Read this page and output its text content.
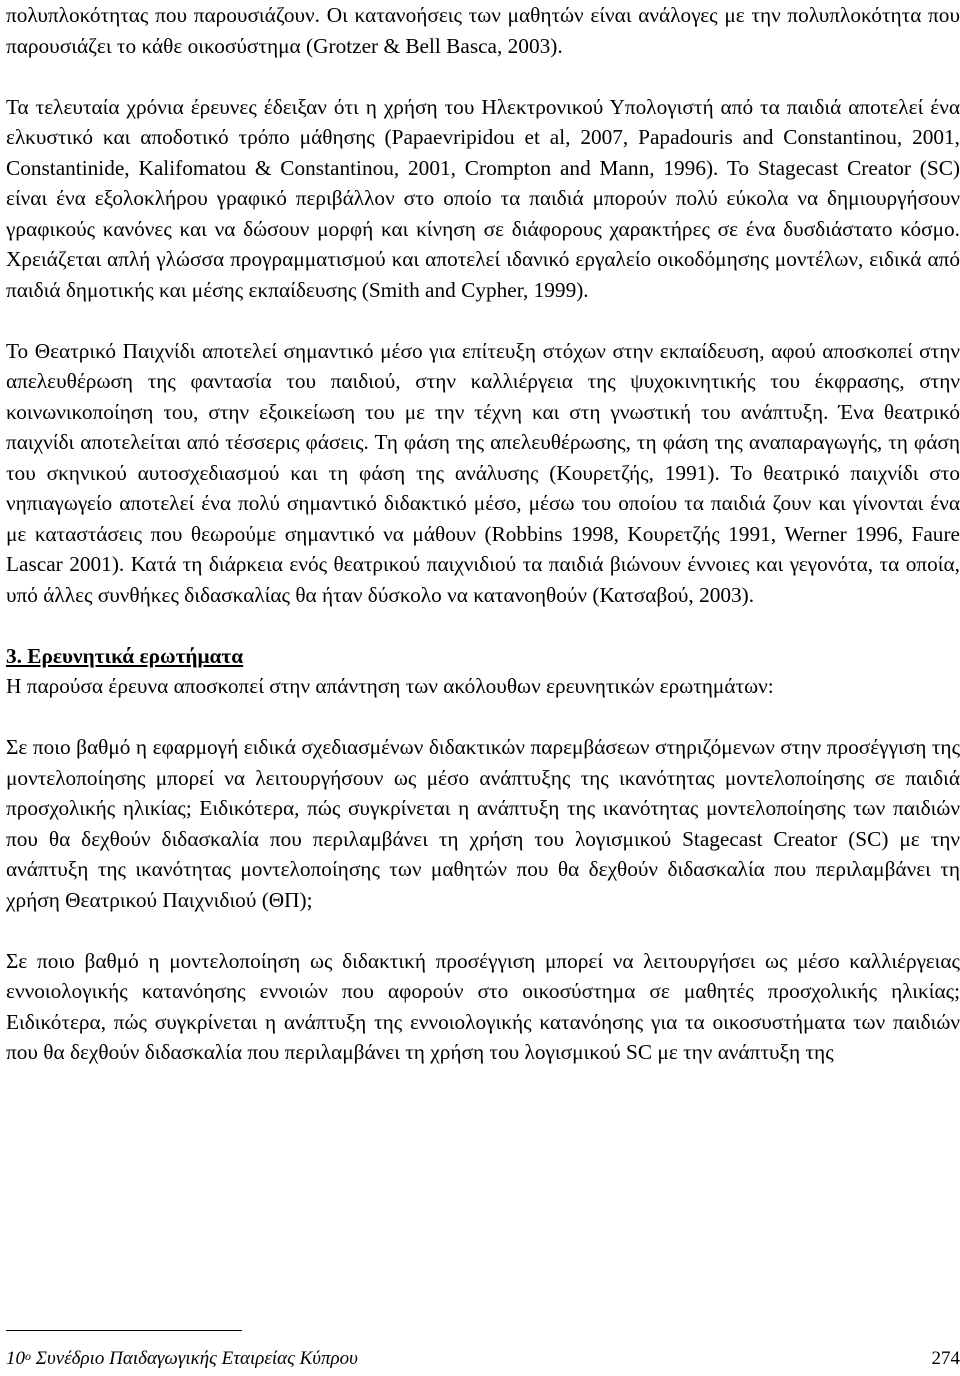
πολυπλοκότητας που παρουσιάζουν. Οι κατανοήσεις των μαθητών είναι ανάλογες με την πολυπλοκότητα που παρουσιάζει το κάθε οικοσύστημα (Grotzer & Bell Basca, 2003).

Τα τελευταία χρόνια έρευνες έδειξαν ότι η χρήση του Ηλεκτρονικού Υπολογιστή από τα παιδιά αποτελεί ένα ελκυστικό και αποδοτικό τρόπο μάθησης (Papaevripidou et al, 2007, Papadouris and Constantinou, 2001, Constantinide, Kalifomatou & Constantinou, 2001, Crompton and Mann, 1996). Το Stagecast Creator (SC) είναι ένα εξολοκλήρου γραφικό περιβάλλον στο οποίο τα παιδιά μπορούν πολύ εύκολα να δημιουργήσουν γραφικούς κανόνες και να δώσουν μορφή και κίνηση σε διάφορους χαρακτήρες σε ένα δυσδιάστατο κόσμο. Χρειάζεται απλή γλώσσα προγραμματισμού και αποτελεί ιδανικό εργαλείο οικοδόμησης μοντέλων, ειδικά από παιδιά δημοτικής και μέσης εκπαίδευσης (Smith and Cypher, 1999).

Το Θεατρικό Παιχνίδι αποτελεί σημαντικό μέσο για επίτευξη στόχων στην εκπαίδευση, αφού αποσκοπεί στην απελευθέρωση της φαντασία του παιδιού, στην καλλιέργεια της ψυχοκινητικής του έκφρασης, στην κοινωνικοποίηση του, στην εξοικείωση του με την τέχνη και στη γνωστική του ανάπτυξη. Ένα θεατρικό παιχνίδι αποτελείται από τέσσερις φάσεις. Τη φάση της απελευθέρωσης, τη φάση της αναπαραγωγής, τη φάση του σκηνικού αυτοσχεδιασμού και τη φάση της ανάλυσης (Κουρετζής, 1991). Το θεατρικό παιχνίδι στο νηπιαγωγείο αποτελεί ένα πολύ σημαντικό διδακτικό μέσο, μέσω του οποίου τα παιδιά ζουν και γίνονται ένα με καταστάσεις που θεωρούμε σημαντικό να μάθουν (Robbins 1998, Κουρετζής 1991, Werner 1996, Faure Lascar 2001). Κατά τη διάρκεια ενός θεατρικού παιχνιδιού τα παιδιά βιώνουν έννοιες και γεγονότα, τα οποία, υπό άλλες συνθήκες διδασκαλίας θα ήταν δύσκολο να κατανοηθούν (Κατσαβού, 2003).

3. Ερευνητικά ερωτήματα

Η παρούσα έρευνα αποσκοπεί στην απάντηση των ακόλουθων ερευνητικών ερωτημάτων:

Σε ποιο βαθμό η εφαρμογή ειδικά σχεδιασμένων διδακτικών παρεμβάσεων στηριζόμενων στην προσέγγιση της μοντελοποίησης μπορεί να λειτουργήσουν ως μέσο ανάπτυξης της ικανότητας μοντελοποίησης σε παιδιά προσχολικής ηλικίας; Ειδικότερα, πώς συγκρίνεται η ανάπτυξη της ικανότητας μοντελοποίησης των παιδιών που θα δεχθούν διδασκαλία που περιλαμβάνει τη χρήση του λογισμικού Stagecast Creator (SC) με την ανάπτυξη της ικανότητας μοντελοποίησης των μαθητών που θα δεχθούν διδασκαλία που περιλαμβάνει τη χρήση Θεατρικού Παιχνιδιού (ΘΠ);

Σε ποιο βαθμό η μοντελοποίηση ως διδακτική προσέγγιση μπορεί να λειτουργήσει ως μέσο καλλιέργειας εννοιολογικής κατανόησης εννοιών που αφορούν στο οικοσύστημα σε μαθητές προσχολικής ηλικίας; Ειδικότερα, πώς συγκρίνεται η ανάπτυξη της εννοιολογικής κατανόησης για τα οικοσυστήματα των παιδιών που θα δεχθούν διδασκαλία που περιλαμβάνει τη χρήση του λογισμικού SC με την ανάπτυξη της

$10^o$ Συνέδριο Παιδαγωγικής Εταιρείας Κύπρου	274
